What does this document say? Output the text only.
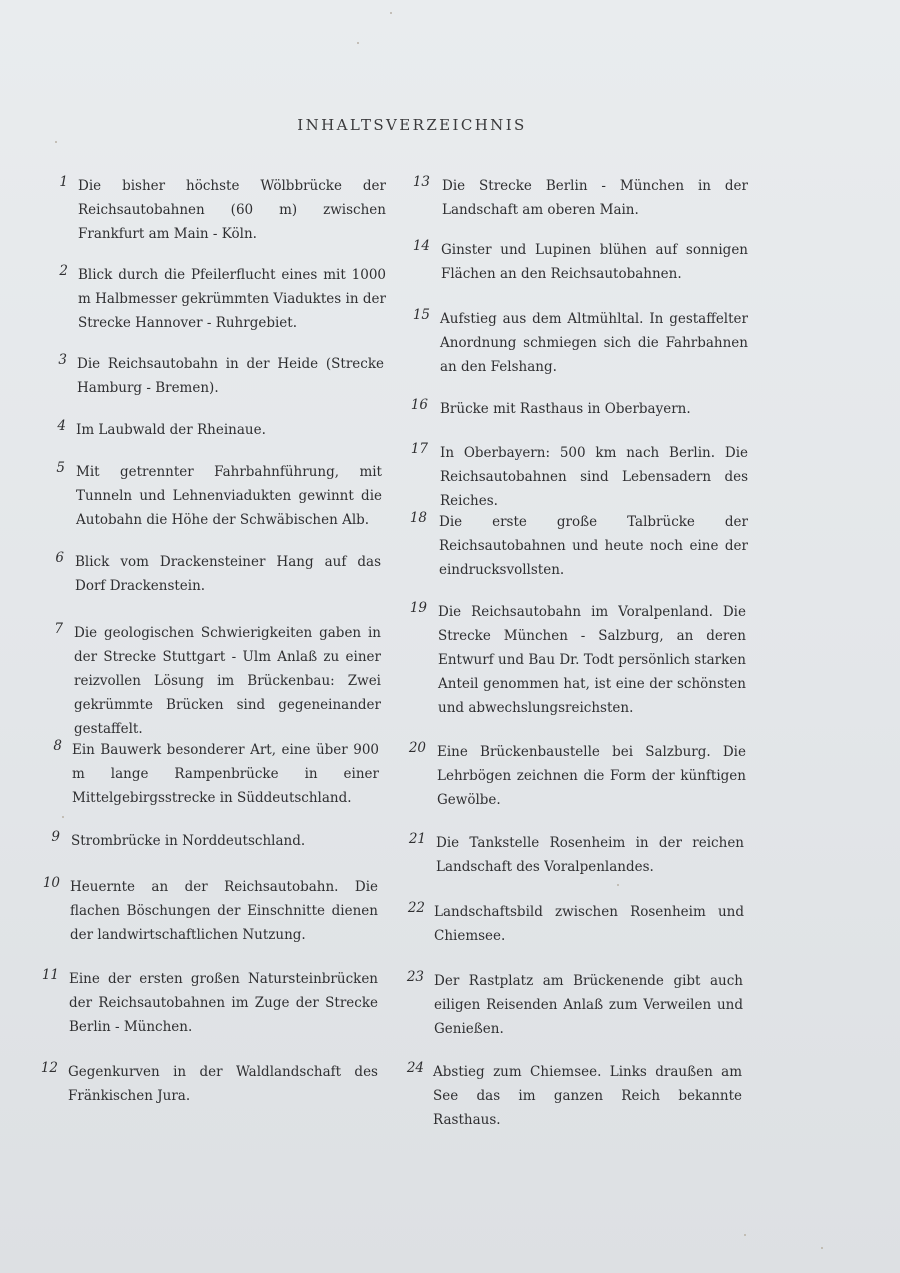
INHALTSVERZEICHNIS
1 Die bisher höchste Wölbbrücke der Reichsautobahnen (60 m) zwischen Frankfurt am Main - Köln.
2 Blick durch die Pfeilerflucht eines mit 1000 m Halbmesser gekrümmten Viaduktes in der Strecke Hannover - Ruhrgebiet.
3 Die Reichsautobahn in der Heide (Strecke Hamburg - Bremen).
4 Im Laubwald der Rheinaue.
5 Mit getrennter Fahrbahnführung, mit Tunneln und Lehnenviadukten gewinnt die Autobahn die Höhe der Schwäbischen Alb.
6 Blick vom Drackensteiner Hang auf das Dorf Drackenstein.
7 Die geologischen Schwierigkeiten gaben in der Strecke Stuttgart - Ulm Anlaß zu einer reizvollen Lösung im Brückenbau: Zwei gekrümmte Brücken sind gegeneinander gestaffelt.
8 Ein Bauwerk besonderer Art, eine über 900 m lange Rampenbrücke in einer Mittelgebirgsstrecke in Süddeutschland.
9 Strombrücke in Norddeutschland.
10 Heuernte an der Reichsautobahn. Die flachen Böschungen der Einschnitte dienen der landwirtschaftlichen Nutzung.
11 Eine der ersten großen Natursteinbrücken der Reichsautobahnen im Zuge der Strecke Berlin - München.
12 Gegenkurven in der Waldlandschaft des Fränkischen Jura.
13 Die Strecke Berlin - München in der Landschaft am oberen Main.
14 Ginster und Lupinen blühen auf sonnigen Flächen an den Reichsautobahnen.
15 Aufstieg aus dem Altmühltal. In gestaffelter Anordnung schmiegen sich die Fahrbahnen an den Felshang.
16 Brücke mit Rasthaus in Oberbayern.
17 In Oberbayern: 500 km nach Berlin. Die Reichsautobahnen sind Lebensadern des Reiches.
18 Die erste große Talbrücke der Reichsautobahnen und heute noch eine der eindrucksvollsten.
19 Die Reichsautobahn im Voralpenland. Die Strecke München - Salzburg, an deren Entwurf und Bau Dr. Todt persönlich starken Anteil genommen hat, ist eine der schönsten und abwechslungsreichsten.
20 Eine Brückenbaustelle bei Salzburg. Die Lehrbögen zeichnen die Form der künftigen Gewölbe.
21 Die Tankstelle Rosenheim in der reichen Landschaft des Voralpenlandes.
22 Landschaftsbild zwischen Rosenheim und Chiemsee.
23 Der Rastplatz am Brückenende gibt auch eiligen Reisenden Anlaß zum Verweilen und Genießen.
24 Abstieg zum Chiemsee. Links draußen am See das im ganzen Reich bekannte Rasthaus.
